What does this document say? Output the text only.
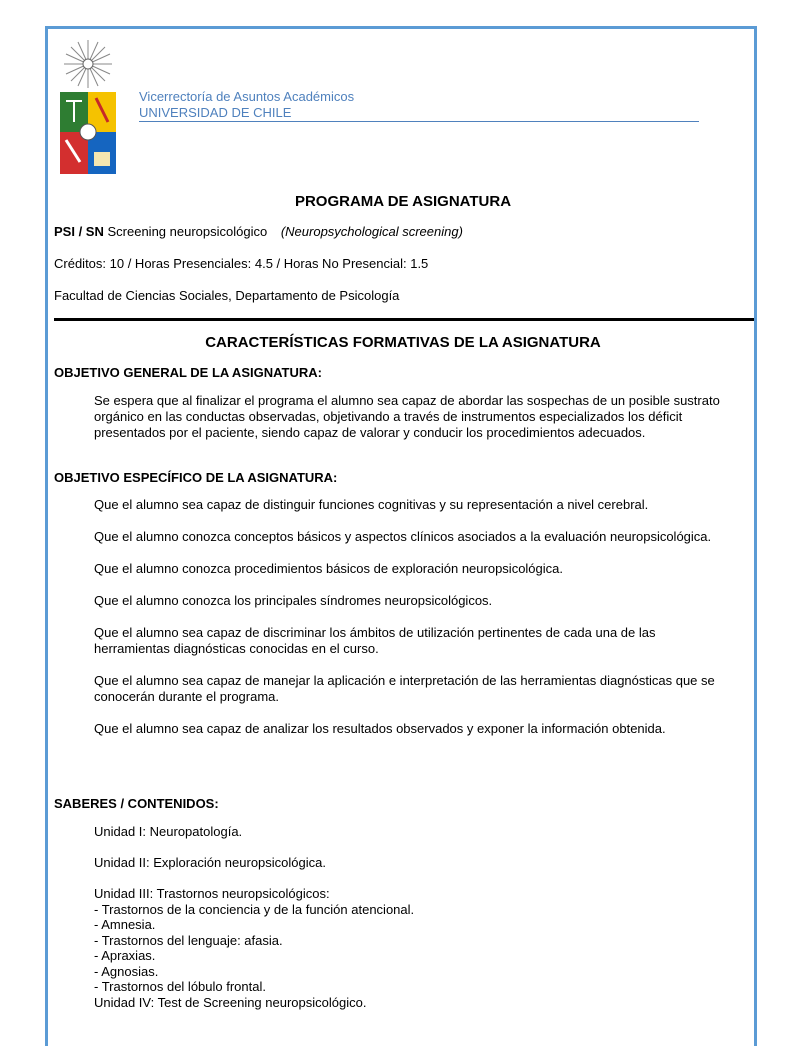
Vicerrectoría de Asuntos Académicos
UNIVERSIDAD DE CHILE
PROGRAMA DE ASIGNATURA
PSI / SN Screening neuropsicológico (Neuropsychological screening)
Créditos: 10 / Horas Presenciales: 4.5 / Horas No Presencial: 1.5
Facultad de Ciencias Sociales, Departamento de Psicología
CARACTERÍSTICAS FORMATIVAS DE LA ASIGNATURA
OBJETIVO GENERAL DE LA ASIGNATURA:
Se espera que al finalizar el programa el alumno sea capaz de abordar las sospechas de un posible sustrato orgánico en las conductas observadas, objetivando a través de instrumentos especializados los déficit presentados por el paciente, siendo capaz de valorar y conducir los procedimientos adecuados.
OBJETIVO ESPECÍFICO DE LA ASIGNATURA:

Que el alumno sea capaz de distinguir funciones cognitivas y su representación a nivel cerebral.

Que el alumno conozca conceptos básicos y aspectos clínicos asociados a la evaluación neuropsicológica.

Que el alumno conozca procedimientos básicos de exploración neuropsicológica.

Que el alumno conozca los principales síndromes neuropsicológicos.

Que el alumno sea capaz de discriminar los ámbitos de utilización pertinentes de cada una de las herramientas diagnósticas conocidas en el curso.

Que el alumno sea capaz de manejar la aplicación e interpretación de las herramientas diagnósticas que se conocerán durante el programa.

Que el alumno sea capaz de analizar los resultados observados y exponer la información obtenida.

SABERES / CONTENIDOS:

Unidad I: Neuropatología.

Unidad II: Exploración neuropsicológica.

Unidad III: Trastornos neuropsicológicos:
- Trastornos de la conciencia y de la función atencional.
- Amnesia.
- Trastornos del lenguaje: afasia.
- Apraxias.
- Agnosias.
- Trastornos del lóbulo frontal.
Unidad IV: Test de Screening neuropsicológico.
